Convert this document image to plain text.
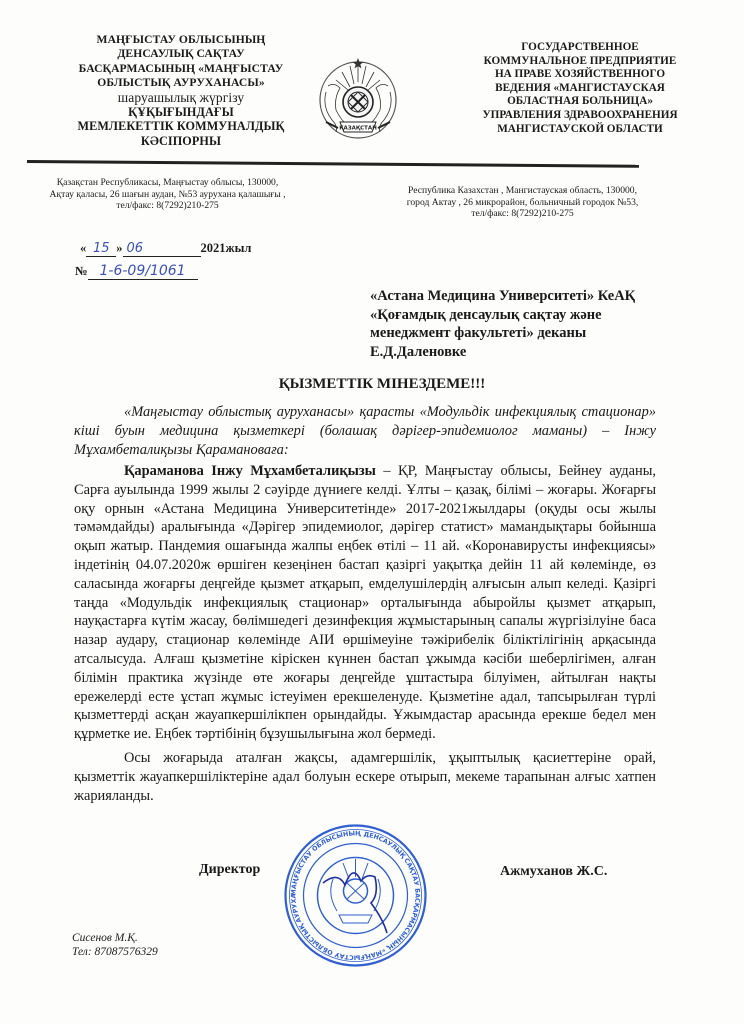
МАҢҒЫСТАУ ОБЛЫСЫНЫҢ
ДЕНСАУЛЫҚ САҚТАУ
БАСҚАРМАСЫНЫҢ «МАҢҒЫСТАУ
ОБЛЫСТЫҚ АУРУХАНАСЫ»
шаруашылық жүргізу
ҚҰҚЫҒЫНДАҒЫ
МЕМЛЕКЕТТІК КОММУНАЛДЫҚ
КӘСІПОРНЫ
ҚАЗАҚСТАН
ГОСУДАРСТВЕННОЕ
КОММУНАЛЬНОЕ ПРЕДПРИЯТИЕ
НА ПРАВЕ ХОЗЯЙСТВЕННОГО
ВЕДЕНИЯ «МАНГИСТАУСКАЯ
ОБЛАСТНАЯ БОЛЬНИЦА»
УПРАВЛЕНИЯ ЗДРАВООХРАНЕНИЯ
МАНГИСТАУСКОЙ ОБЛАСТИ
Қазақстан Республикасы, Маңғыстау облысы, 130000,
Ақтау қаласы, 26 шағын аудан, №53 аурухана қалашығы ,
тел/факс: 8(7292)210-275
Республика Казахстан , Мангистауская область, 130000,
город Актау , 26 микрорайон, больничный городок №53,
тел/факс: 8(7292)210-275
« 15 » 06	2021жыл
№ 1-6-09/1061
«Астана Медицина Университеті» КеАҚ
«Қоғамдық денсаулық сақтау және
менеджмент факультеті» деканы
Е.Д.Даленовке
ҚЫЗМЕТТІК МІНЕЗДЕМЕ!!!
«Маңғыстау облыстық ауруханасы» қарасты «Модульдік инфекциялық стационар» кіші буын медицина қызметкері (болашақ дәрігер-эпидемиолог маманы) – Інжу Мұхамбеталиқызы Қарамановаға:
Қараманова Інжу Мұхамбеталиқызы – ҚР, Маңғыстау облысы, Бейнеу ауданы, Сарға ауылында 1999 жылы 2 сәуірде дүниеге келді. Ұлты – қазақ, білімі – жоғары. Жоғарғы оқу орнын «Астана Медицина Университетінде» 2017-2021жылдары (оқуды осы жылы тәмәмдайды) аралығында «Дәрігер эпидемиолог, дәрігер статист» мамандықтары бойынша оқып жатыр. Пандемия ошағында жалпы еңбек өтілі – 11 ай. «Коронавирусты инфекциясы» індетінің 04.07.2020ж өршіген кезеңінен бастап қазіргі уақытқа дейін 11 ай көлемінде, өз саласында жоғарғы деңгейде қызмет атқарып, емделушілердің алғысын алып келеді. Қазіргі таңда «Модульдік инфекциялық стационар» орталығында абыройлы қызмет атқарып, науқастарға күтім жасау, бөлімшедегі дезинфекция жұмыстарының сапалы жүргізілуіне баса назар аудару, стационар көлемінде АІИ өршімеуіне тәжірибелік біліктілігінің арқасында атсалысуда. Алғаш қызметіне кіріскен күннен бастап ұжымда кәсіби шеберлігімен, алған білімін практика жүзінде өте жоғары деңгейде ұштастыра білуімен, айтылған нақты ережелерді есте ұстап жұмыс істеуімен ерекшеленуде. Қызметіне адал, тапсырылған түрлі қызметтерді асқан жауапкершілікпен орындайды. Ұжымдастар арасында ерекше бедел мен құрметке ие. Еңбек тәртібінің бұзушылығына жол бермеді.
Осы жоғарыда аталған жақсы, адамгершілік, ұқыптылық қасиеттеріне орай, қызметтік жауапкершіліктеріне адал болуын ескере отырып, мекеме тарапынан алғыс хатпен жарияланды.
Директор
МАҢҒЫСТАУ ОБЛЫСЫНЫҢ ДЕНСАУЛЫҚ САҚТАУ БАСҚАРМАСЫНЫҢ «МАҢҒЫСТАУ ОБЛЫСТЫҚ АУРУХА
Ажмуханов Ж.С.
Сисенов М.Қ.
Тел: 87087576329
